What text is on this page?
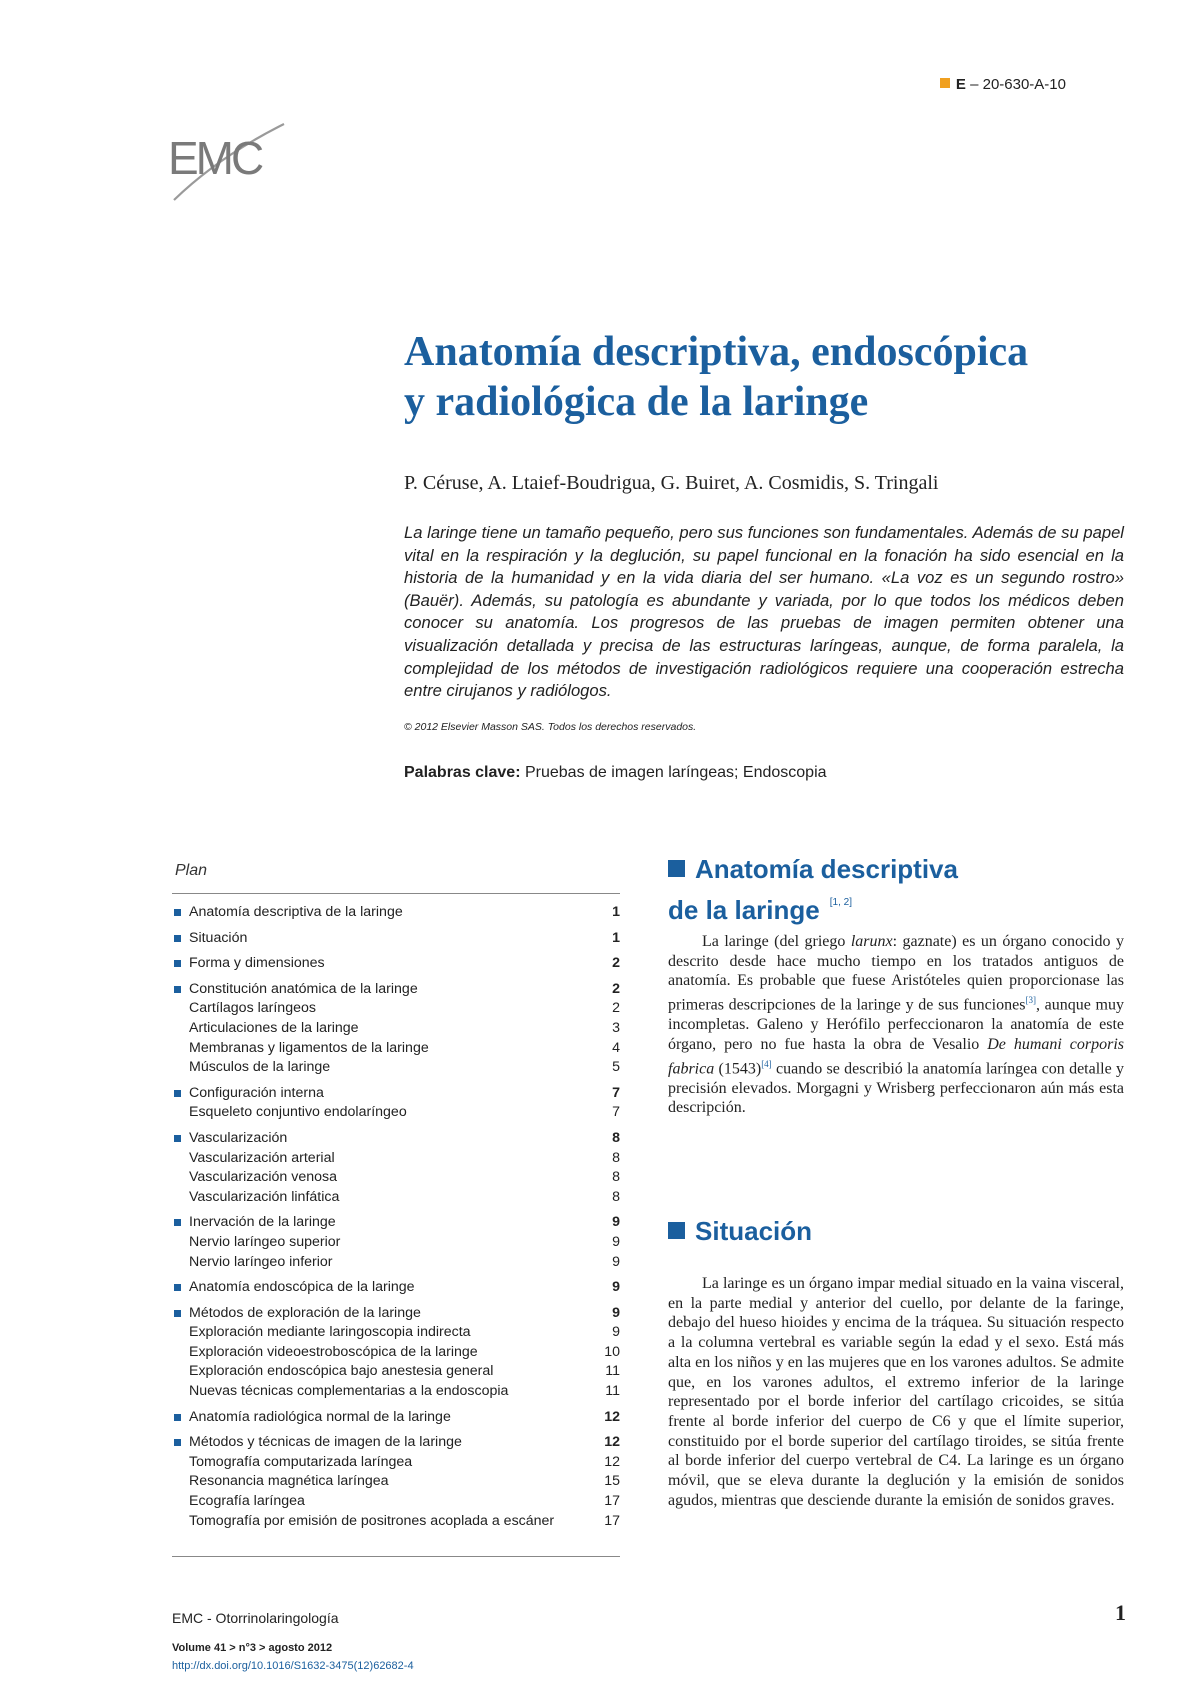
E – 20-630-A-10
EMC
Anatomía descriptiva, endoscópica
y radiológica de la laringe
P. Céruse, A. Ltaief-Boudrigua, G. Buiret, A. Cosmidis, S. Tringali
La laringe tiene un tamaño pequeño, pero sus funciones son fundamentales. Además de su papel vital en la respiración y la deglución, su papel funcional en la fonación ha sido esencial en la historia de la humanidad y en la vida diaria del ser humano. «La voz es un segundo rostro» (Bauër). Además, su patología es abundante y variada, por lo que todos los médicos deben conocer su anatomía. Los progresos de las pruebas de imagen permiten obtener una visualización detallada y precisa de las estructuras laríngeas, aunque, de forma paralela, la complejidad de los métodos de investigación radiológicos requiere una cooperación estrecha entre cirujanos y radiólogos.
© 2012 Elsevier Masson SAS. Todos los derechos reservados.
Palabras clave: Pruebas de imagen laríngeas; Endoscopia
Plan
Anatomía descriptiva de la laringe	1
Situación	1
Forma y dimensiones	2
Constitución anatómica de la laringe	2
Cartílagos laríngeos	2
Articulaciones de la laringe	3
Membranas y ligamentos de la laringe	4
Músculos de la laringe	5
Configuración interna	7
Esqueleto conjuntivo endolaríngeo	7
Vascularización	8
Vascularización arterial	8
Vascularización venosa	8
Vascularización linfática	8
Inervación de la laringe	9
Nervio laríngeo superior	9
Nervio laríngeo inferior	9
Anatomía endoscópica de la laringe	9
Métodos de exploración de la laringe	9
Exploración mediante laringoscopia indirecta	9
Exploración videoestroboscópica de la laringe	10
Exploración endoscópica bajo anestesia general	11
Nuevas técnicas complementarias a la endoscopia	11
Anatomía radiológica normal de la laringe	12
Métodos y técnicas de imagen de la laringe	12
Tomografía computarizada laríngea	12
Resonancia magnética laríngea	15
Ecografía laríngea	17
Tomografía por emisión de positrones acoplada a escáner	17
Anatomía descriptiva
de la laringe [1, 2]
La laringe (del griego larunx: gaznate) es un órgano conocido y descrito desde hace mucho tiempo en los tratados antiguos de anatomía. Es probable que fuese Aristóteles quien proporcionase las primeras descripciones de la laringe y de sus funciones[3], aunque muy incompletas. Galeno y Herófilo perfeccionaron la anatomía de este órgano, pero no fue hasta la obra de Vesalio De humani corporis fabrica (1543)[4] cuando se describió la anatomía laríngea con detalle y precisión elevados. Morgagni y Wrisberg perfeccionaron aún más esta descripción.
Situación
La laringe es un órgano impar medial situado en la vaina visceral, en la parte medial y anterior del cuello, por delante de la faringe, debajo del hueso hioides y encima de la tráquea. Su situación respecto a la columna vertebral es variable según la edad y el sexo. Está más alta en los niños y en las mujeres que en los varones adultos. Se admite que, en los varones adultos, el extremo inferior de la laringe representado por el borde inferior del cartílago cricoides, se sitúa frente al borde inferior del cuerpo de C6 y que el límite superior, constituido por el borde superior del cartílago tiroides, se sitúa frente al borde inferior del cuerpo vertebral de C4. La laringe es un órgano móvil, que se eleva durante la deglución y la emisión de sonidos agudos, mientras que desciende durante la emisión de sonidos graves.
EMC - Otorrinolaringología
Volume 41 > n°3 > agosto 2012
http://dx.doi.org/10.1016/S1632-3475(12)62682-4
1
